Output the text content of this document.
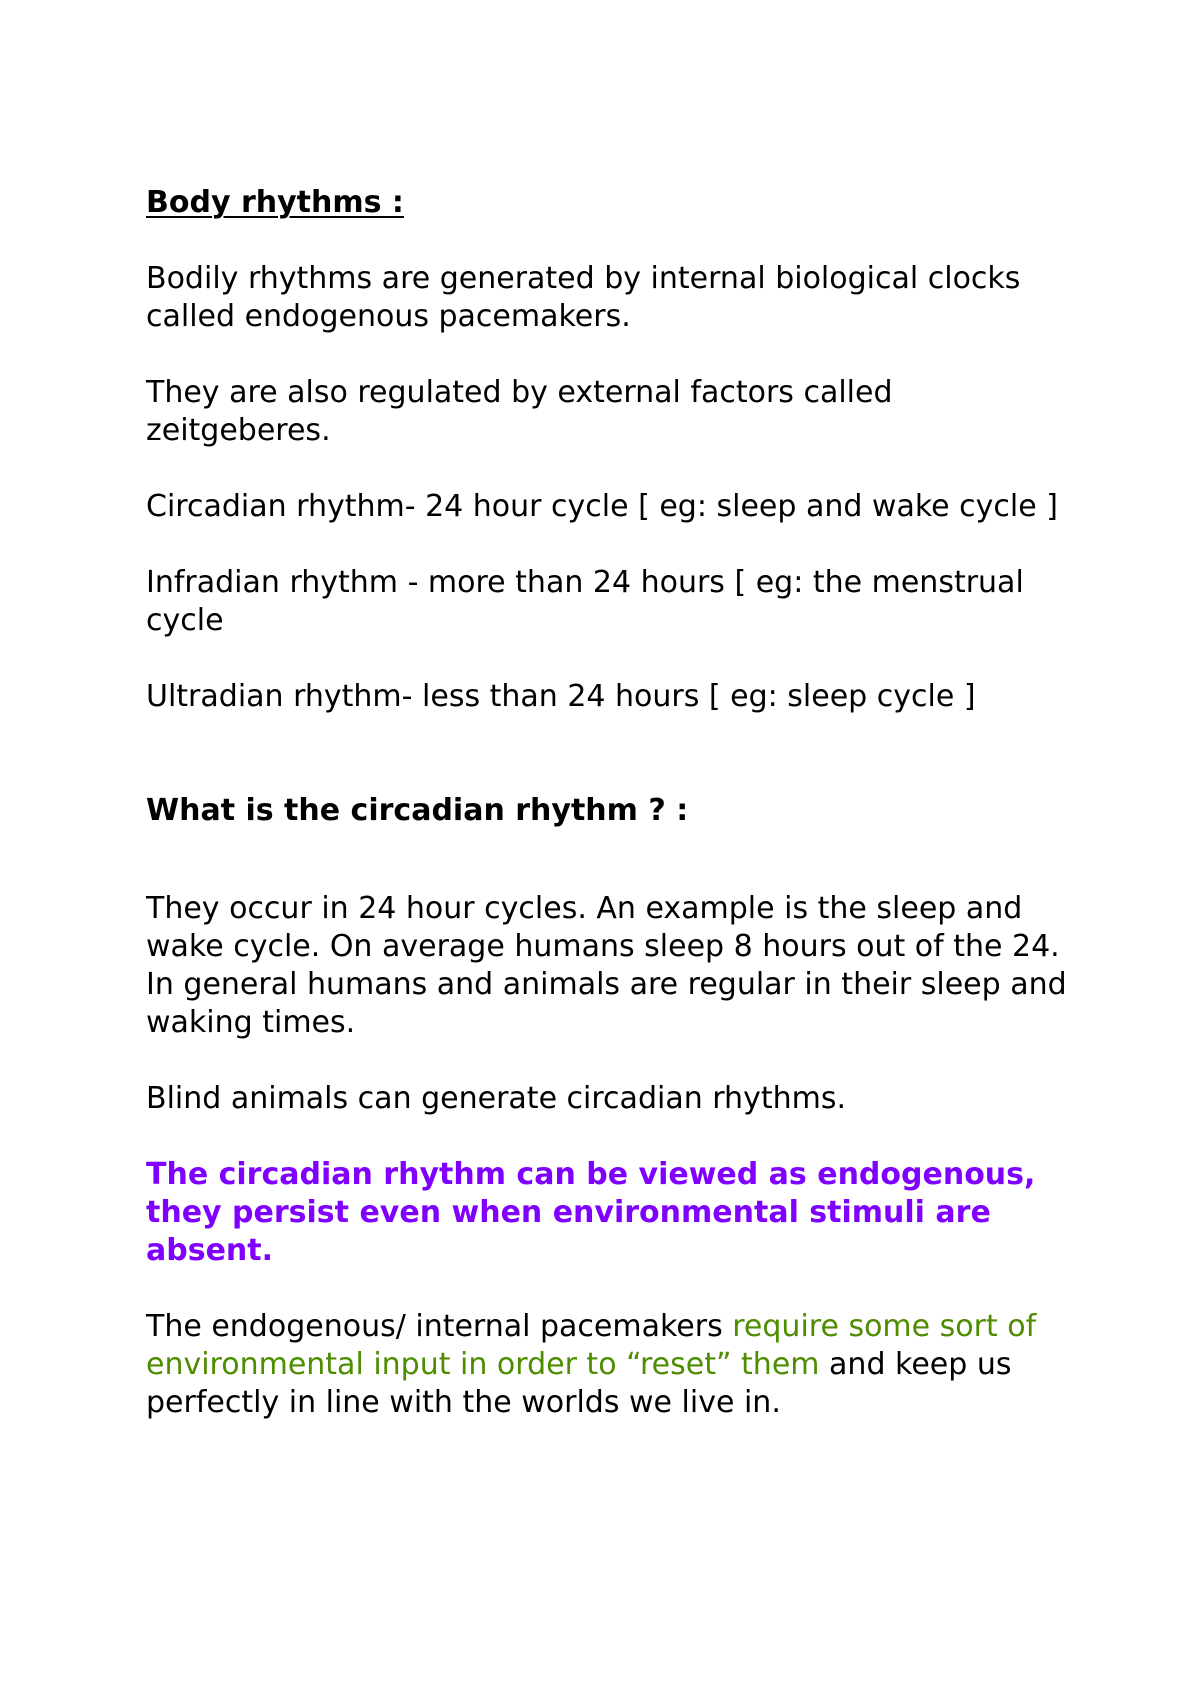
Body rhythms :

Bodily rhythms are generated by internal biological clocks called endogenous pacemakers.

They are also regulated by external factors called zeitgeberes.

Circadian rhythm- 24 hour cycle [ eg: sleep and wake cycle ]

Infradian rhythm - more than 24 hours [ eg: the menstrual cycle

Ultradian rhythm- less than 24 hours [ eg: sleep cycle ]

What is the circadian rhythm ? :

They occur in 24 hour cycles. An example is the sleep and wake cycle. On average humans sleep 8 hours out of the 24. In general humans and animals are regular in their sleep and waking times.

Blind animals can generate circadian rhythms.

The circadian rhythm can be viewed as endogenous, they persist even when environmental stimuli are absent.

The endogenous/ internal pacemakers require some sort of environmental input in order to “reset” them and keep us perfectly in line with the worlds we live in.
